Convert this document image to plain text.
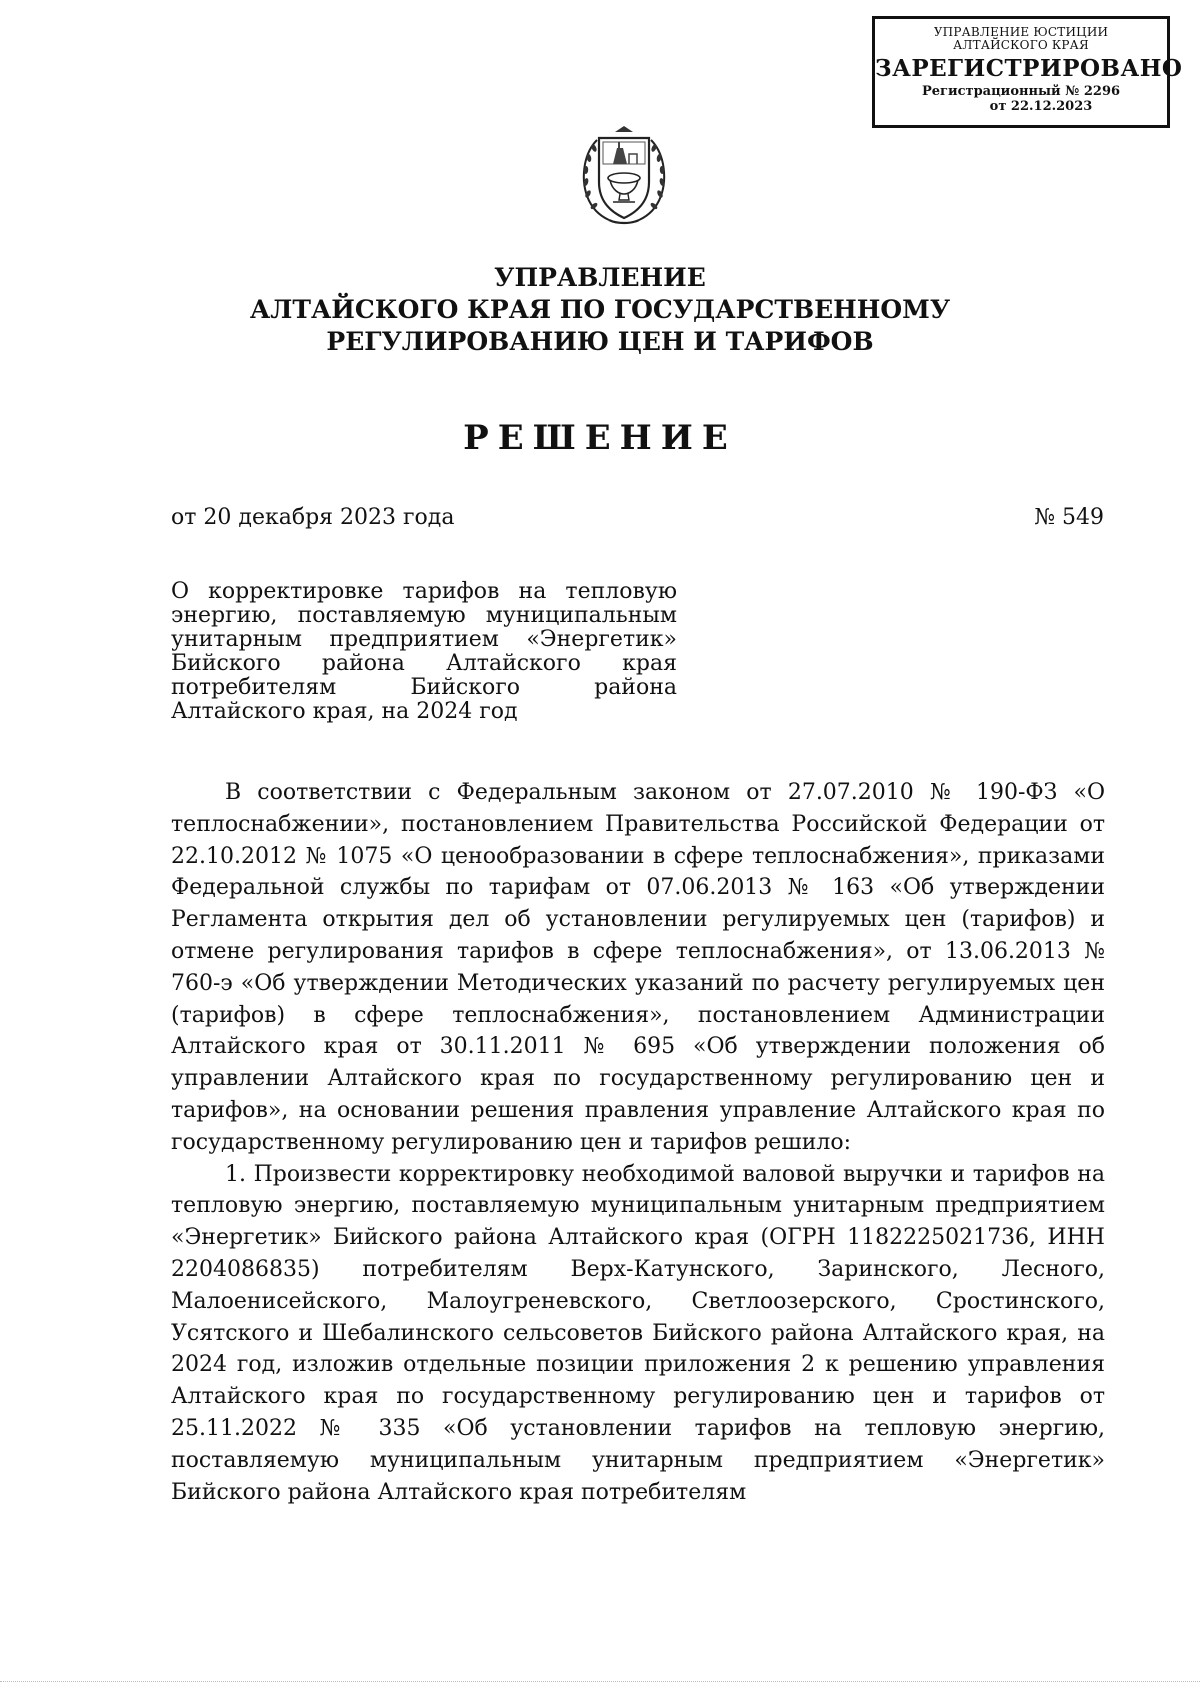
УПРАВЛЕНИЕ ЮСТИЦИИ
АЛТАЙСКОГО КРАЯ
ЗАРЕГИСТРИРОВАНО
Регистрационный № 2296
от 22.12.2023
УПРАВЛЕНИЕ
АЛТАЙСКОГО КРАЯ ПО ГОСУДАРСТВЕННОМУ
РЕГУЛИРОВАНИЮ ЦЕН И ТАРИФОВ
РЕШЕНИЕ
от 20 декабря 2023 года	№ 549
О корректировке тарифов на тепловую энергию, поставляемую муниципальным унитарным предприятием «Энергетик» Бийского района Алтайского края потребителям Бийского района Алтайского края, на 2024 год

В соответствии с Федеральным законом от 27.07.2010 № 190-ФЗ «О теплоснабжении», постановлением Правительства Российской Федерации от 22.10.2012 № 1075 «О ценообразовании в сфере теплоснабжения», приказами Федеральной службы по тарифам от 07.06.2013 № 163 «Об утверждении Регламента открытия дел об установлении регулируемых цен (тарифов) и отмене регулирования тарифов в сфере теплоснабжения», от 13.06.2013 № 760-э «Об утверждении Методических указаний по расчету регулируемых цен (тарифов) в сфере теплоснабжения», постановлением Администрации Алтайского края от 30.11.2011 № 695 «Об утверждении положения об управлении Алтайского края по государственному регулированию цен и тарифов», на основании решения правления управление Алтайского края по государственному регулированию цен и тарифов решило:

1. Произвести корректировку необходимой валовой выручки и тарифов на тепловую энергию, поставляемую муниципальным унитарным предприятием «Энергетик» Бийского района Алтайского края (ОГРН 1182225021736, ИНН 2204086835) потребителям Верх-Катунского, Заринского, Лесного, Малоенисейского, Малоугреневского, Светлоозерского, Сростинского, Усятского и Шебалинского сельсоветов Бийского района Алтайского края, на 2024 год, изложив отдельные позиции приложения 2 к решению управления Алтайского края по государственному регулированию цен и тарифов от 25.11.2022 № 335 «Об установлении тарифов на тепловую энергию, поставляемую муниципальным унитарным предприятием «Энергетик» Бийского района Алтайского края потребителям
